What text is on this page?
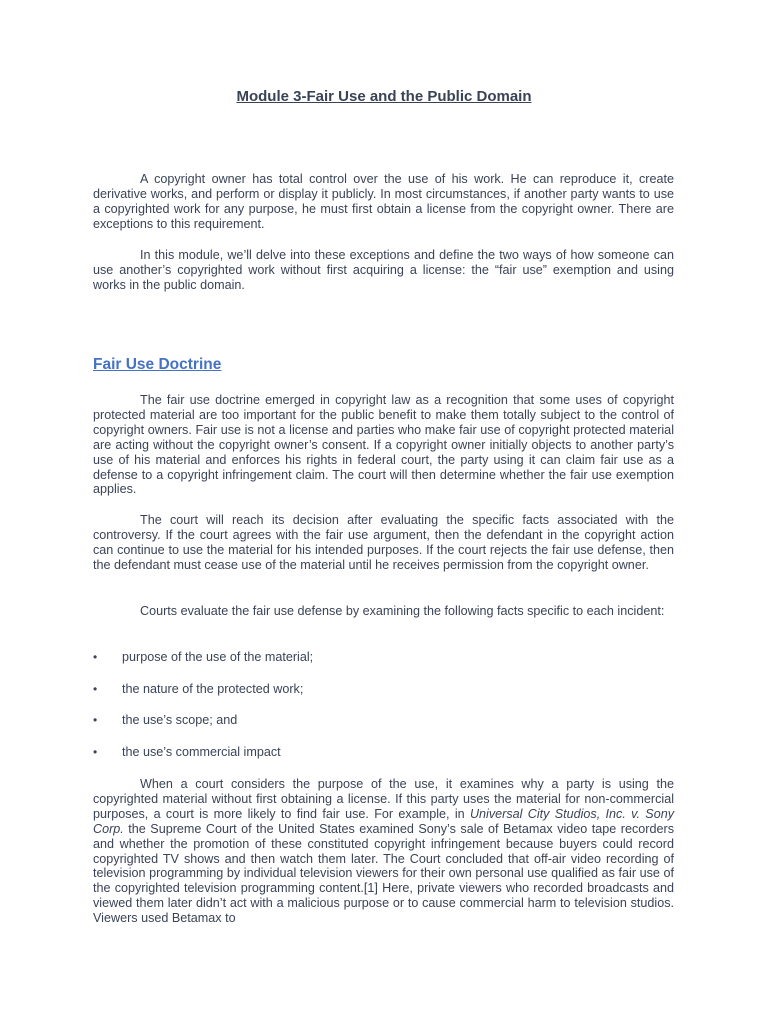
Module 3-Fair Use and the Public Domain

A copyright owner has total control over the use of his work. He can reproduce it, create derivative works, and perform or display it publicly. In most circumstances, if another party wants to use a copyrighted work for any purpose, he must first obtain a license from the copyright owner. There are exceptions to this requirement.

In this module, we’ll delve into these exceptions and define the two ways of how someone can use another’s copyrighted work without first acquiring a license: the “fair use” exemption and using works in the public domain.

Fair Use Doctrine

The fair use doctrine emerged in copyright law as a recognition that some uses of copyright protected material are too important for the public benefit to make them totally subject to the control of copyright owners. Fair use is not a license and parties who make fair use of copyright protected material are acting without the copyright owner’s consent. If a copyright owner initially objects to another party’s use of his material and enforces his rights in federal court, the party using it can claim fair use as a defense to a copyright infringement claim. The court will then determine whether the fair use exemption applies.

The court will reach its decision after evaluating the specific facts associated with the controversy. If the court agrees with the fair use argument, then the defendant in the copyright action can continue to use the material for his intended purposes. If the court rejects the fair use defense, then the defendant must cease use of the material until he receives permission from the copyright owner.

Courts evaluate the fair use defense by examining the following facts specific to each incident:

• purpose of the use of the material;
• the nature of the protected work;
• the use’s scope; and
• the use’s commercial impact

When a court considers the purpose of the use, it examines why a party is using the copyrighted material without first obtaining a license. If this party uses the material for non-commercial purposes, a court is more likely to find fair use. For example, in Universal City Studios, Inc. v. Sony Corp. the Supreme Court of the United States examined Sony’s sale of Betamax video tape recorders and whether the promotion of these constituted copyright infringement because buyers could record copyrighted TV shows and then watch them later. The Court concluded that off-air video recording of television programming by individual television viewers for their own personal use qualified as fair use of the copyrighted television programming content.[1] Here, private viewers who recorded broadcasts and viewed them later didn’t act with a malicious purpose or to cause commercial harm to television studios. Viewers used Betamax to
